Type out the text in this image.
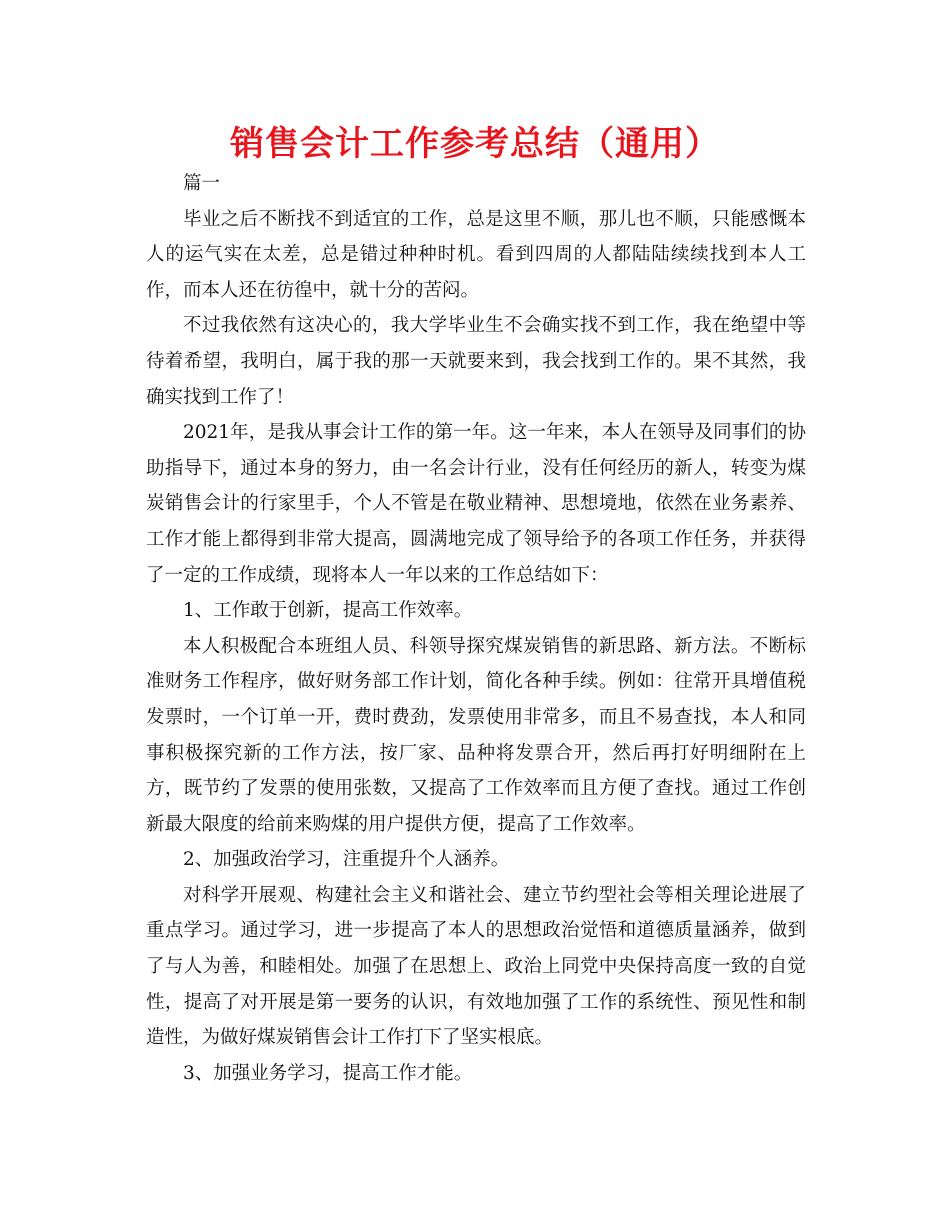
销售会计工作参考总结（通用）

篇一

毕业之后不断找不到适宜的工作，总是这里不顺，那儿也不顺，只能感慨本人的运气实在太差，总是错过种种时机。看到四周的人都陆陆续续找到本人工作，而本人还在彷徨中，就十分的苦闷。

不过我依然有这决心的，我大学毕业生不会确实找不到工作，我在绝望中等待着希望，我明白，属于我的那一天就要来到，我会找到工作的。果不其然，我确实找到工作了！

2021年，是我从事会计工作的第一年。这一年来，本人在领导及同事们的协助指导下，通过本身的努力，由一名会计行业，没有任何经历的新人，转变为煤炭销售会计的行家里手，个人不管是在敬业精神、思想境地，依然在业务素养、工作才能上都得到非常大提高，圆满地完成了领导给予的各项工作任务，并获得了一定的工作成绩，现将本人一年以来的工作总结如下：

1、工作敢于创新，提高工作效率。

本人积极配合本班组人员、科领导探究煤炭销售的新思路、新方法。不断标准财务工作程序，做好财务部工作计划，简化各种手续。例如：往常开具增值税发票时，一个订单一开，费时费劲，发票使用非常多，而且不易查找，本人和同事积极探究新的工作方法，按厂家、品种将发票合开，然后再打好明细附在上方，既节约了发票的使用张数，又提高了工作效率而且方便了查找。通过工作创新最大限度的给前来购煤的用户提供方便，提高了工作效率。

2、加强政治学习，注重提升个人涵养。

对科学开展观、构建社会主义和谐社会、建立节约型社会等相关理论进展了重点学习。通过学习，进一步提高了本人的思想政治觉悟和道德质量涵养，做到了与人为善，和睦相处。加强了在思想上、政治上同党中央保持高度一致的自觉性，提高了对开展是第一要务的认识，有效地加强了工作的系统性、预见性和制造性，为做好煤炭销售会计工作打下了坚实根底。

3、加强业务学习，提高工作才能。
